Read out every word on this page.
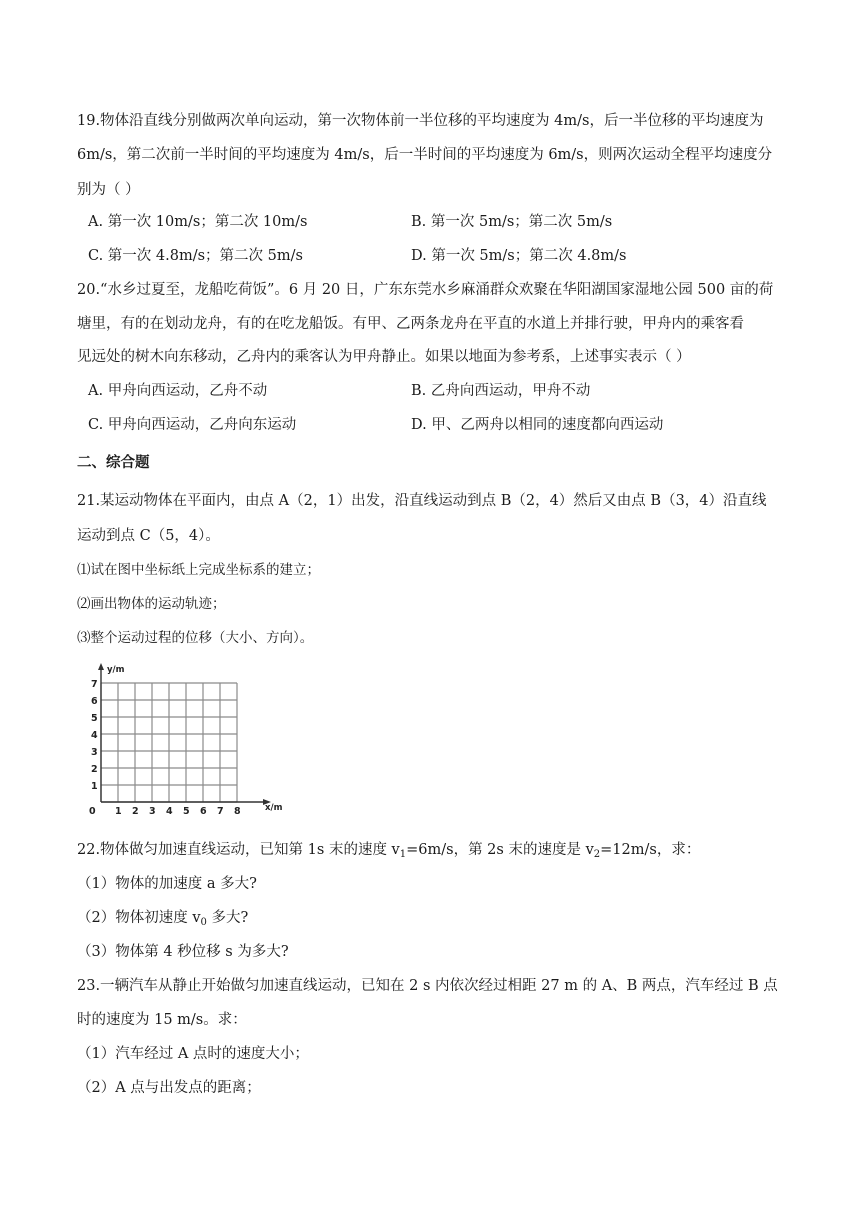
19.物体沿直线分别做两次单向运动，第一次物体前一半位移的平均速度为 4m/s，后一半位移的平均速度为
6m/s，第二次前一半时间的平均速度为 4m/s，后一半时间的平均速度为 6m/s，则两次运动全程平均速度分
别为（ ）
A. 第一次 10m/s；第二次 10m/s	B. 第一次 5m/s；第二次 5m/s
C. 第一次 4.8m/s；第二次 5m/s	D. 第一次 5m/s；第二次 4.8m/s
20.“水乡过夏至，龙船吃荷饭”。6 月 20 日，广东东莞水乡麻涌群众欢聚在华阳湖国家湿地公园 500 亩的荷
塘里，有的在划动龙舟，有的在吃龙船饭。有甲、乙两条龙舟在平直的水道上并排行驶，甲舟内的乘客看
见远处的树木向东移动，乙舟内的乘客认为甲舟静止。如果以地面为参考系，上述事实表示（ ）
A. 甲舟向西运动，乙舟不动	B. 乙舟向西运动，甲舟不动
C. 甲舟向西运动，乙舟向东运动	D. 甲、乙两舟以相同的速度都向西运动
二、综合题
21.某运动物体在平面内，由点 A（2，1）出发，沿直线运动到点 B（2，4）然后又由点 B（3，4）沿直线
运动到点 C（5，4）。
⑴试在图中坐标纸上完成坐标系的建立；
⑵画出物体的运动轨迹；
⑶整个运动过程的位移（大小、方向）。
y/m
x/m
7
6
5
4
3
2
1
0 1 2 3 4 5 6 7 8
22.物体做匀加速直线运动，已知第 1s 末的速度 $v_1=6m/s$，第 2s 末的速度是 $v_2=12m/s$，求：
（1）物体的加速度 a 多大?
（2）物体初速度 $v_0$ 多大?
（3）物体第 4 秒位移 s 为多大?
23.一辆汽车从静止开始做匀加速直线运动，已知在 2 s 内依次经过相距 27 m 的 A、B 两点，汽车经过 B 点
时的速度为 15 m/s。求：
（1）汽车经过 A 点时的速度大小；
（2）A 点与出发点的距离；
